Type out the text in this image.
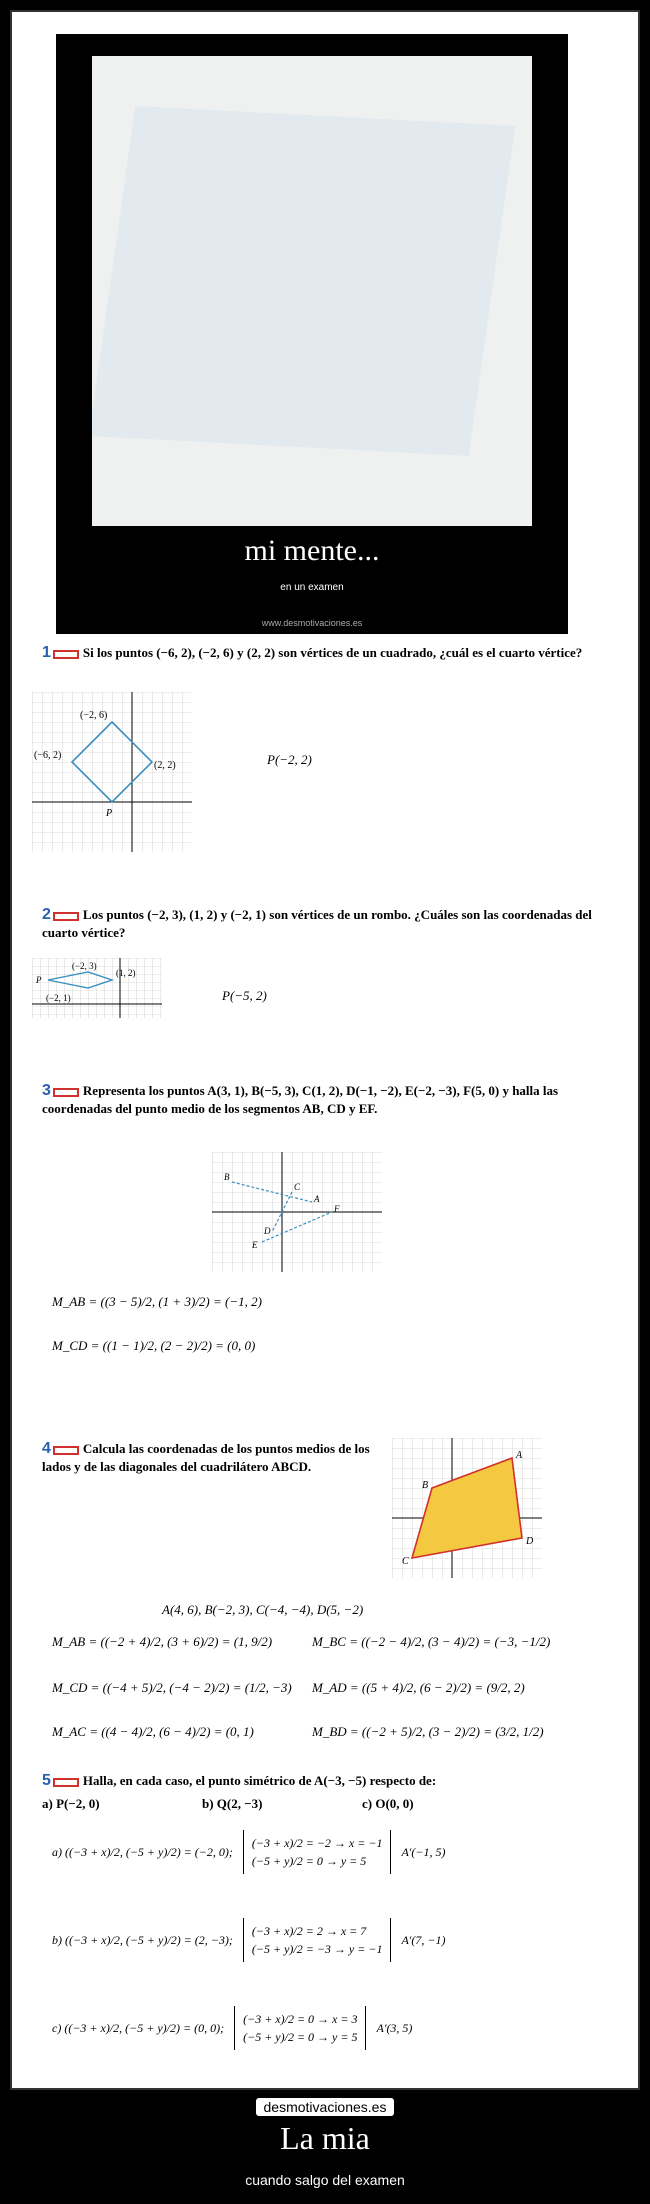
mi mente...
en un examen
www.desmotivaciones.es
1 Si los puntos (−6, 2), (−2, 6) y (2, 2) son vértices de un cuadrado, ¿cuál es el cuarto vértice?
(−2, 6)
(−6, 2)
(2, 2)
P
P(−2, 2)
2 Los puntos (−2, 3), (1, 2) y (−2, 1) son vértices de un rombo. ¿Cuáles son las coordenadas del cuarto vértice?
(−2, 3)
(1, 2)
(−2, 1)
P
P(−5, 2)
3 Representa los puntos A(3, 1), B(−5, 3), C(1, 2), D(−1, −2), E(−2, −3), F(5, 0) y halla las coordenadas del punto medio de los segmentos AB, CD y EF.
B
C
A
D
F
E
M_AB = ((3 − 5)/2, (1 + 3)/2) = (−1, 2)
M_CD = ((1 − 1)/2, (2 − 2)/2) = (0, 0)
4 Calcula las coordenadas de los puntos medios de los lados y de las diagonales del cuadrilátero ABCD.
A
B
C
D
A(4, 6), B(−2, 3), C(−4, −4), D(5, −2)
M_AB = ((−2 + 4)/2, (3 + 6)/2) = (1, 9/2)	M_BC = ((−2 − 4)/2, (3 − 4)/2) = (−3, −1/2)
M_CD = ((−4 + 5)/2, (−4 − 2)/2) = (1/2, −3) M_AD = ((5 + 4)/2, (6 − 2)/2) = (9/2, 2)
M_AC = ((4 − 4)/2, (6 − 4)/2) = (0, 1)	M_BD = ((−2 + 5)/2, (3 − 2)/2) = (3/2, 1/2)
5 Halla, en cada caso, el punto simétrico de A(−3, −5) respecto de:
a) P(−2, 0)	b) Q(2, −3)	c) O(0, 0)
a) ((−3 + x)/2, (−5 + y)/2) = (−2, 0);
(−3 + x)/2 = −2 → x = −1
(−5 + y)/2 = 0 → y = 5
A′(−1, 5)
b) ((−3 + x)/2, (−5 + y)/2) = (2, −3);
(−3 + x)/2 = 2 → x = 7
(−5 + y)/2 = −3 → y = −1
A′(7, −1)
c) ((−3 + x)/2, (−5 + y)/2) = (0, 0);
(−3 + x)/2 = 0 → x = 3
(−5 + y)/2 = 0 → y = 5
A′(3, 5)
desmotivaciones.es
La mia
cuando salgo del examen
